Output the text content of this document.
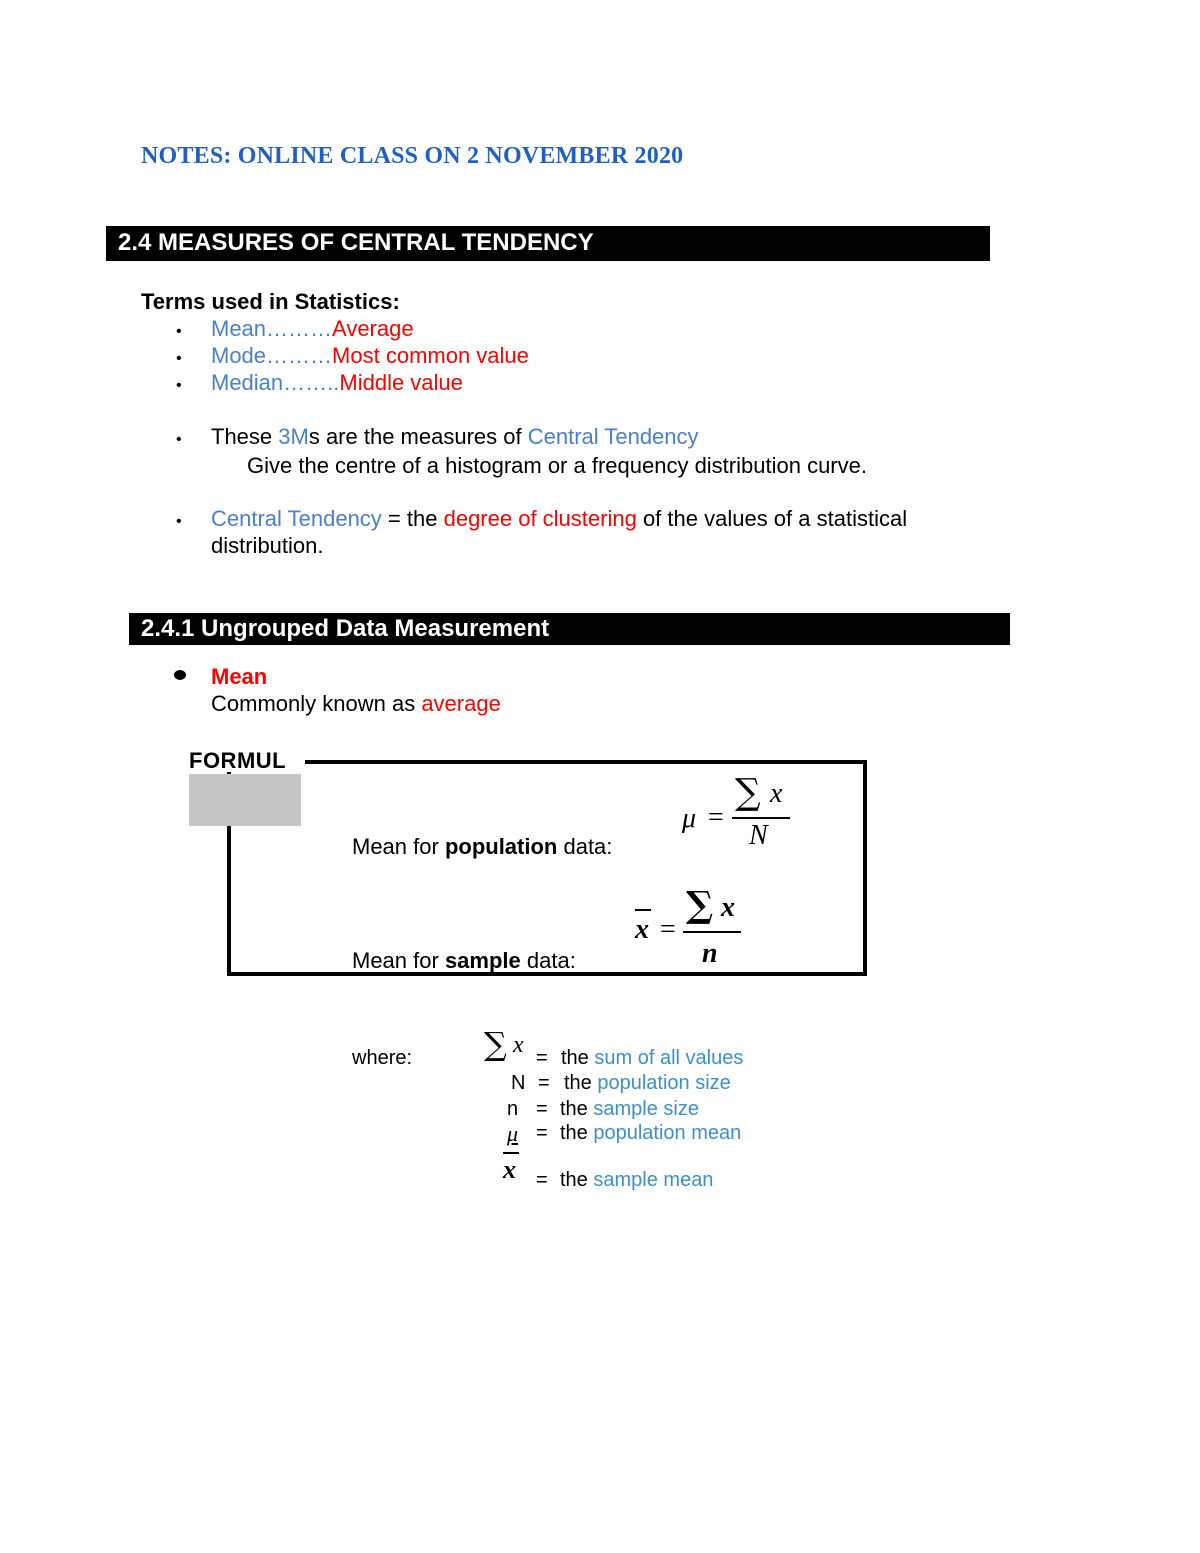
NOTES: ONLINE CLASS ON 2 NOVEMBER 2020
2.4 MEASURES OF CENTRAL TENDENCY
Terms used in Statistics:
• Mean………Average
• Mode………Most common value
• Median……..Middle value
• These 3Ms are the measures of Central Tendency
Give the centre of a histogram or a frequency distribution curve.
• Central Tendency = the degree of clustering of the values of a statistical
distribution.
2.4.1 Ungrouped Data Measurement
Mean
Commonly known as average
FORMUL
Mean for population data:
μ =
∑ x
N
Mean for sample data:
x =
∑ x
n
where: ∑ x = the sum of all values
N = the population size
n = the sample size
μ = the population mean
x = the sample mean
